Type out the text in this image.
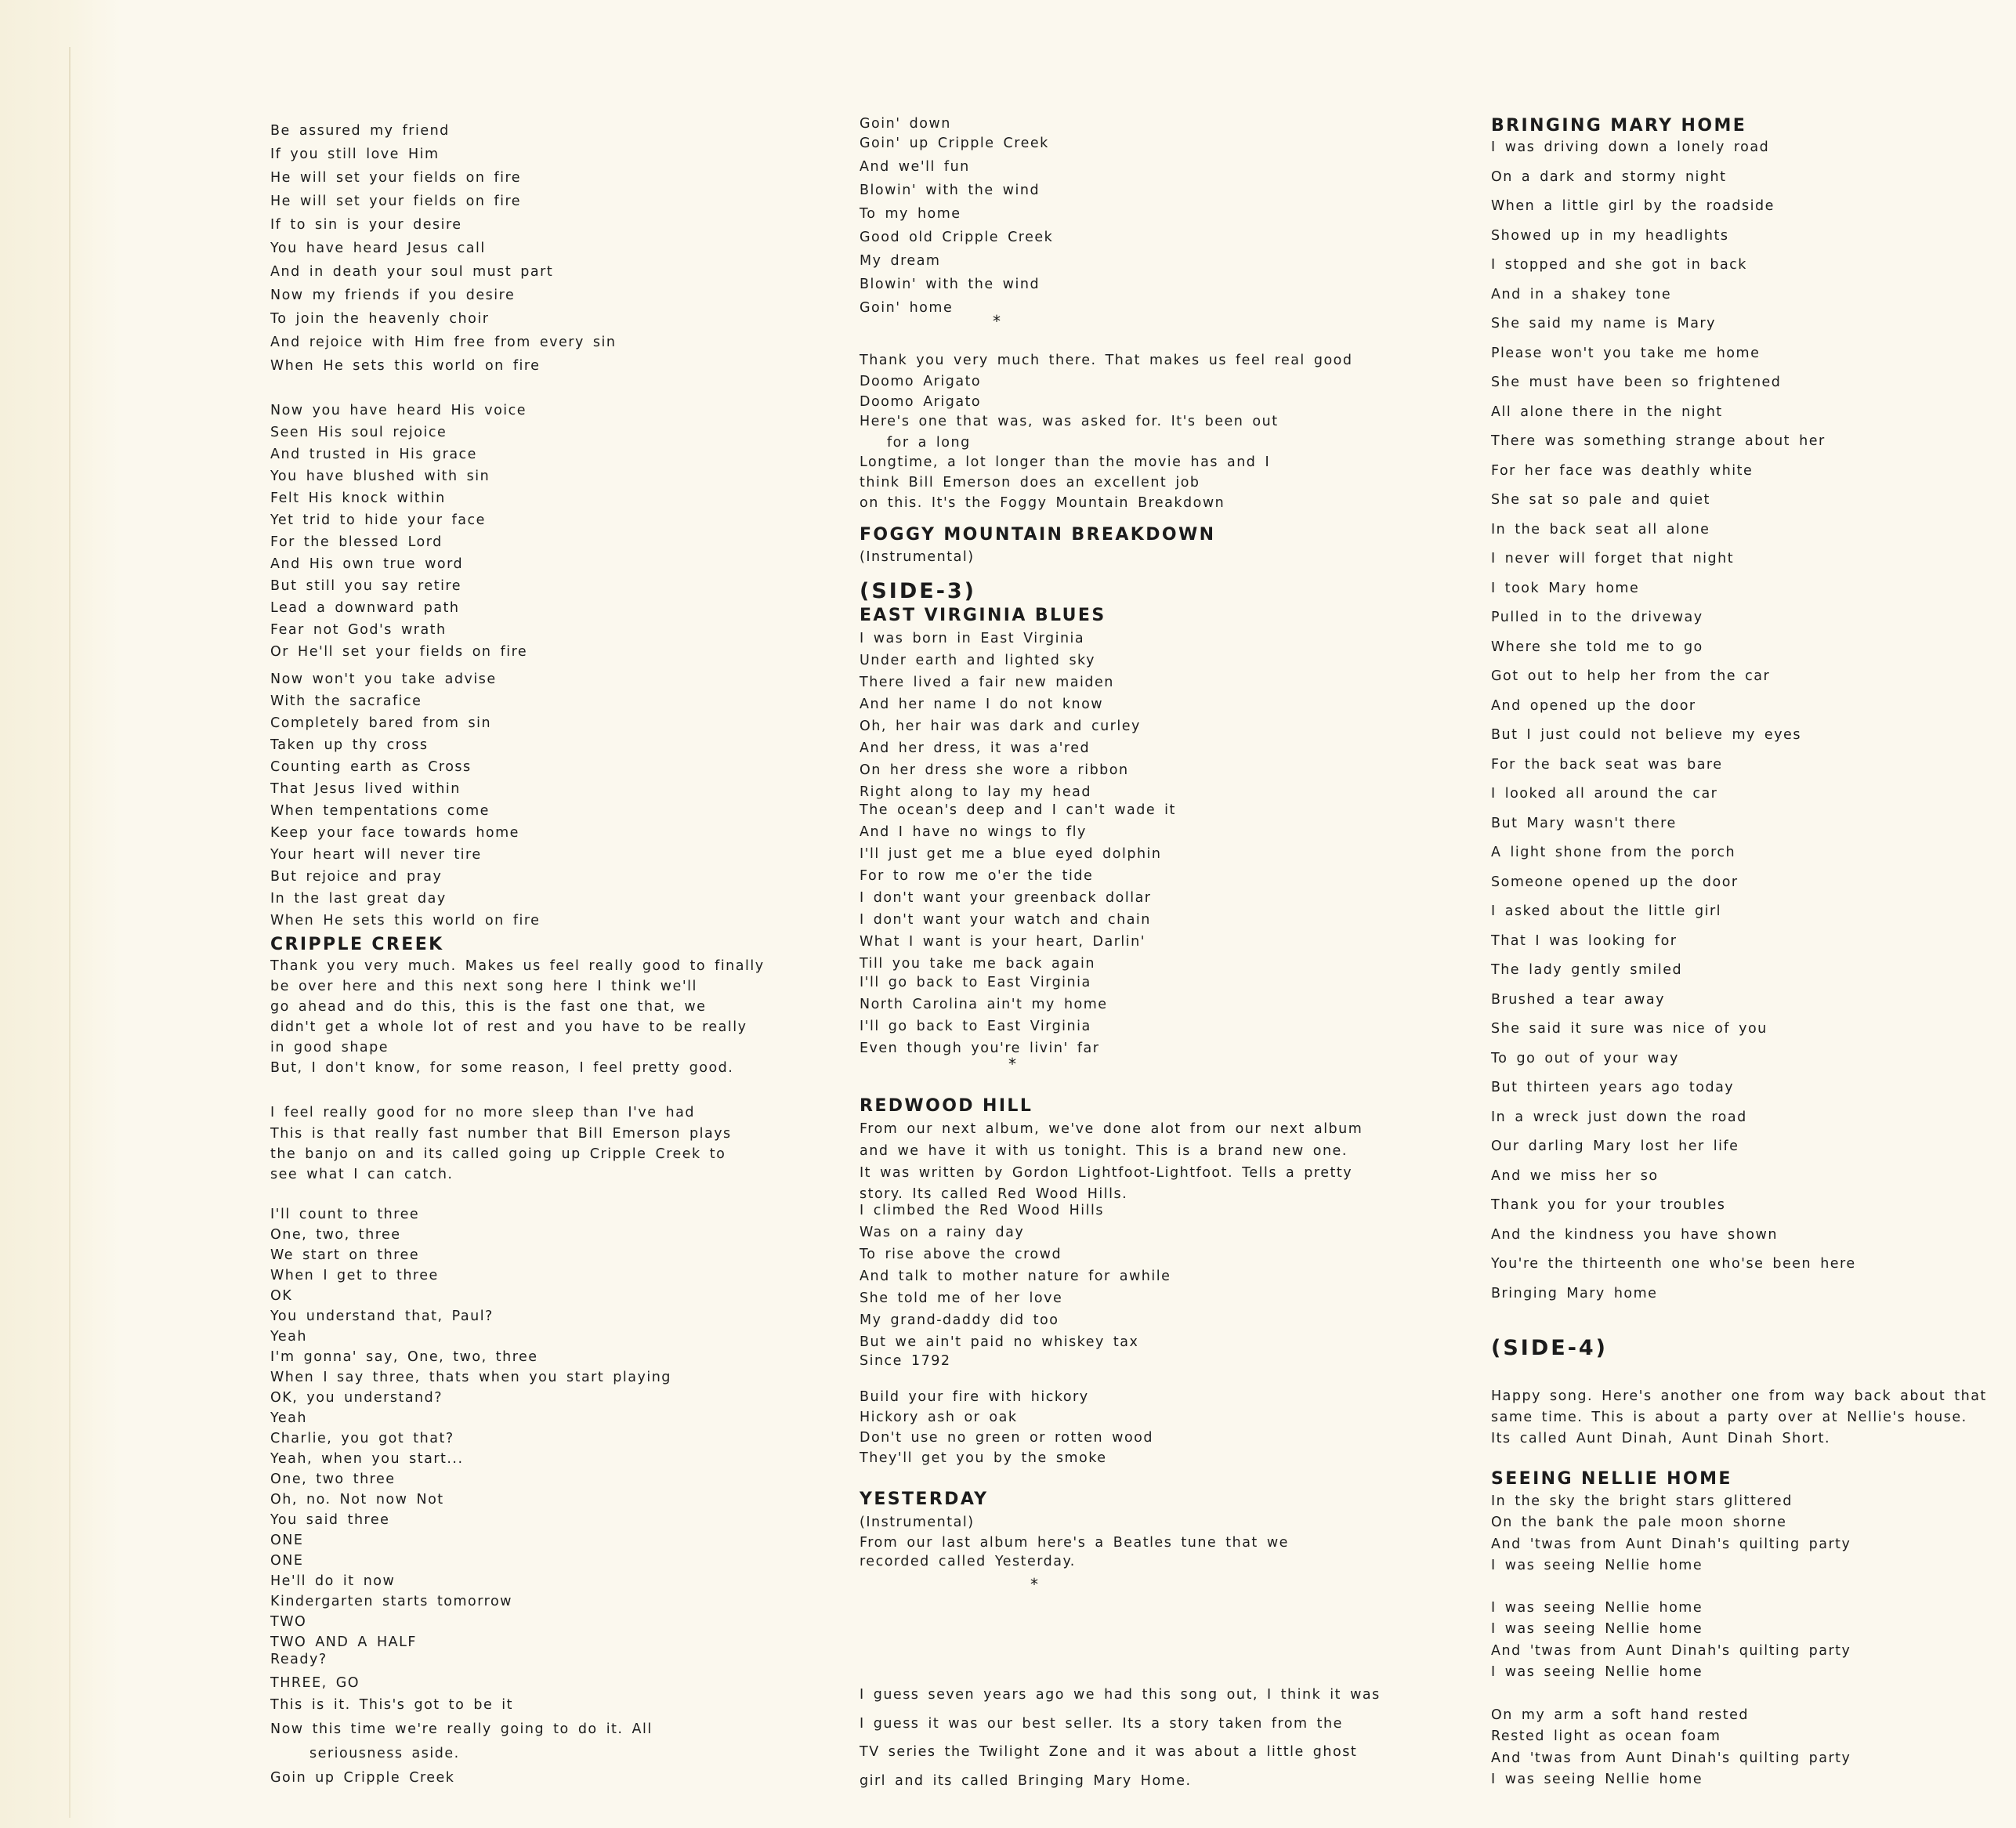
Be assured my friend
If you still love Him
He will set your fields on fire
He will set your fields on fire
If to sin is your desire
You have heard Jesus call
And in death your soul must part
Now my friends if you desire
To join the heavenly choir
And rejoice with Him free from every sin
When He sets this world on fire
Now you have heard His voice
Seen His soul rejoice
And trusted in His grace
You have blushed with sin
Felt His knock within
Yet trid to hide your face
For the blessed Lord
And His own true word
But still you say retire
Lead a downward path
Fear not God's wrath
Or He'll set your fields on fire
Now won't you take advise
With the sacrafice
Completely bared from sin
Taken up thy cross
Counting earth as Cross
That Jesus lived within
When tempentations come
Keep your face towards home
Your heart will never tire
But rejoice and pray
In the last great day
When He sets this world on fire
CRIPPLE CREEK
Thank you very much. Makes us feel really good to finally
be over here and this next song here I think we'll
go ahead and do this, this is the fast one that, we
didn't get a whole lot of rest and you have to be really
in good shape
But, I don't know, for some reason, I feel pretty good.
I feel really good for no more sleep than I've had
This is that really fast number that Bill Emerson plays
the banjo on and its called going up Cripple Creek to
see what I can catch.
I'll count to three
One, two, three
We start on three
When I get to three
OK
You understand that, Paul?
Yeah
I'm gonna' say, One, two, three
When I say three, thats when you start playing
OK, you understand?
Yeah
Charlie, you got that?
Yeah, when you start...
One, two three
Oh, no. Not now Not
You said three
ONE
ONE
He'll do it now
Kindergarten starts tomorrow
TWO
TWO AND A HALF
Ready?
THREE, GO
This is it. This's got to be it
Now this time we're really going to do it. All
seriousness aside.
Goin up Cripple Creek
Goin' down
Goin' up Cripple Creek
And we'll fun
Blowin' with the wind
To my home
Good old Cripple Creek
My dream
Blowin' with the wind
Goin' home
*
Thank you very much there. That makes us feel real good
Doomo Arigato
Doomo Arigato
Here's one that was, was asked for. It's been out
for a long
Longtime, a lot longer than the movie has and I
think Bill Emerson does an excellent job
on this. It's the Foggy Mountain Breakdown
FOGGY MOUNTAIN BREAKDOWN
(Instrumental)
(SIDE-3)
EAST VIRGINIA BLUES
I was born in East Virginia
Under earth and lighted sky
There lived a fair new maiden
And her name I do not know
Oh, her hair was dark and curley
And her dress, it was a'red
On her dress she wore a ribbon
Right along to lay my head
The ocean's deep and I can't wade it
And I have no wings to fly
I'll just get me a blue eyed dolphin
For to row me o'er the tide
I don't want your greenback dollar
I don't want your watch and chain
What I want is your heart, Darlin'
Till you take me back again
I'll go back to East Virginia
North Carolina ain't my home
I'll go back to East Virginia
Even though you're livin' far
*
REDWOOD HILL
From our next album, we've done alot from our next album
and we have it with us tonight. This is a brand new one.
It was written by Gordon Lightfoot-Lightfoot. Tells a pretty
story. Its called Red Wood Hills.
I climbed the Red Wood Hills
Was on a rainy day
To rise above the crowd
And talk to mother nature for awhile
She told me of her love
My grand-daddy did too
But we ain't paid no whiskey tax
Since 1792
Build your fire with hickory
Hickory ash or oak
Don't use no green or rotten wood
They'll get you by the smoke
YESTERDAY
(Instrumental)
From our last album here's a Beatles tune that we
recorded called Yesterday.
*
I guess seven years ago we had this song out, I think it was
I guess it was our best seller. Its a story taken from the
TV series the Twilight Zone and it was about a little ghost
girl and its called Bringing Mary Home.
BRINGING MARY HOME
I was driving down a lonely road
On a dark and stormy night
When a little girl by the roadside
Showed up in my headlights
I stopped and she got in back
And in a shakey tone
She said my name is Mary
Please won't you take me home
She must have been so frightened
All alone there in the night
There was something strange about her
For her face was deathly white
She sat so pale and quiet
In the back seat all alone
I never will forget that night
I took Mary home
Pulled in to the driveway
Where she told me to go
Got out to help her from the car
And opened up the door
But I just could not believe my eyes
For the back seat was bare
I looked all around the car
But Mary wasn't there
A light shone from the porch
Someone opened up the door
I asked about the little girl
That I was looking for
The lady gently smiled
Brushed a tear away
She said it sure was nice of you
To go out of your way
But thirteen years ago today
In a wreck just down the road
Our darling Mary lost her life
And we miss her so
Thank you for your troubles
And the kindness you have shown
You're the thirteenth one who'se been here
Bringing Mary home
(SIDE-4)
Happy song. Here's another one from way back about that
same time. This is about a party over at Nellie's house.
Its called Aunt Dinah, Aunt Dinah Short.
SEEING NELLIE HOME
In the sky the bright stars glittered
On the bank the pale moon shorne
And 'twas from Aunt Dinah's quilting party
I was seeing Nellie home
I was seeing Nellie home
I was seeing Nellie home
And 'twas from Aunt Dinah's quilting party
I was seeing Nellie home
On my arm a soft hand rested
Rested light as ocean foam
And 'twas from Aunt Dinah's quilting party
I was seeing Nellie home
